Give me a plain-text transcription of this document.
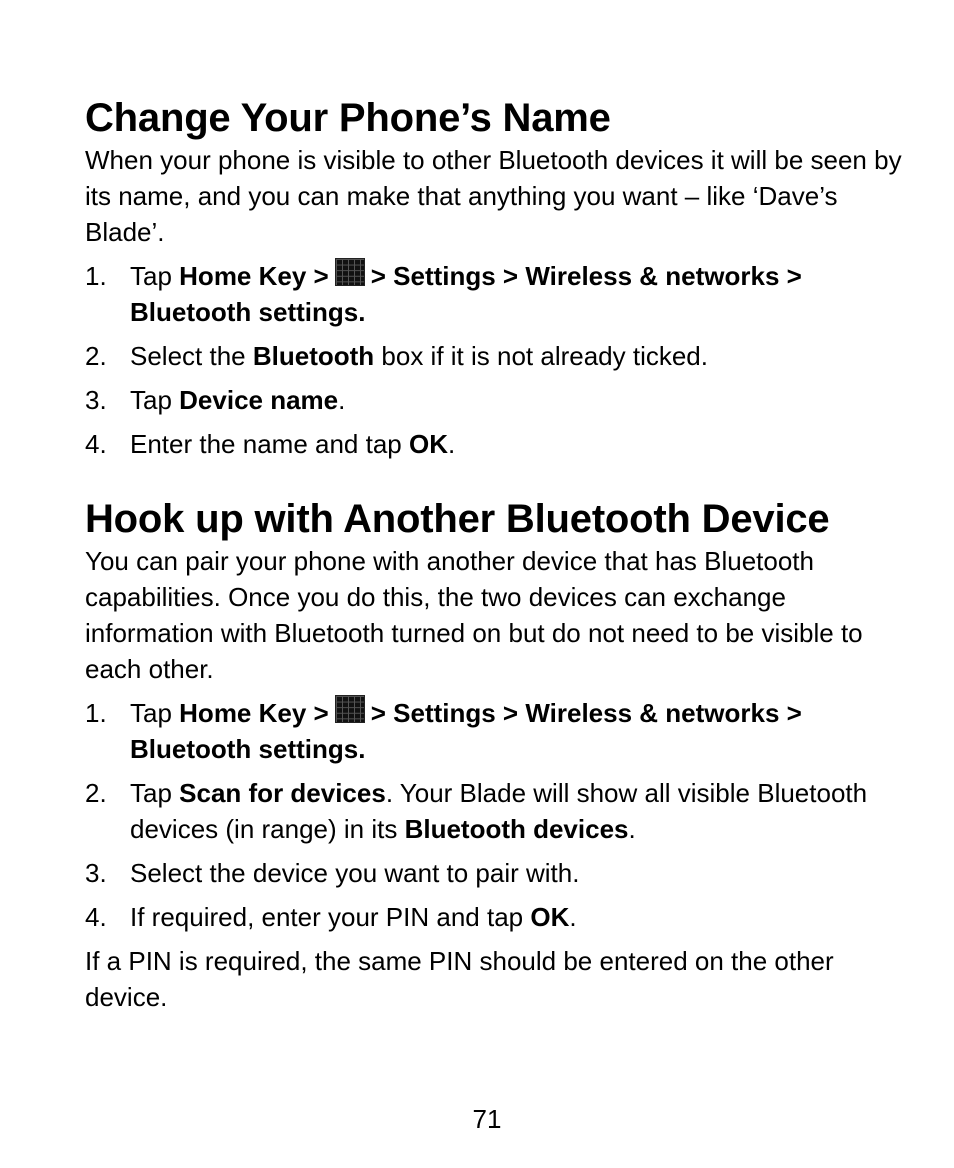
Change Your Phone’s Name

When your phone is visible to other Bluetooth devices it will be seen by its name, and you can make that anything you want – like ‘Dave’s Blade’.

1. Tap Home Key > > Settings > Wireless & networks > Bluetooth settings.
2. Select the Bluetooth box if it is not already ticked.
3. Tap Device name.
4. Enter the name and tap OK.
Hook up with Another Bluetooth Device

You can pair your phone with another device that has Bluetooth capabilities. Once you do this, the two devices can exchange information with Bluetooth turned on but do not need to be visible to each other.

1. Tap Home Key > > Settings > Wireless & networks > Bluetooth settings.
2. Tap Scan for devices. Your Blade will show all visible Bluetooth devices (in range) in its Bluetooth devices.
3. Select the device you want to pair with.
4. If required, enter your PIN and tap OK.

If a PIN is required, the same PIN should be entered on the other device.

71
